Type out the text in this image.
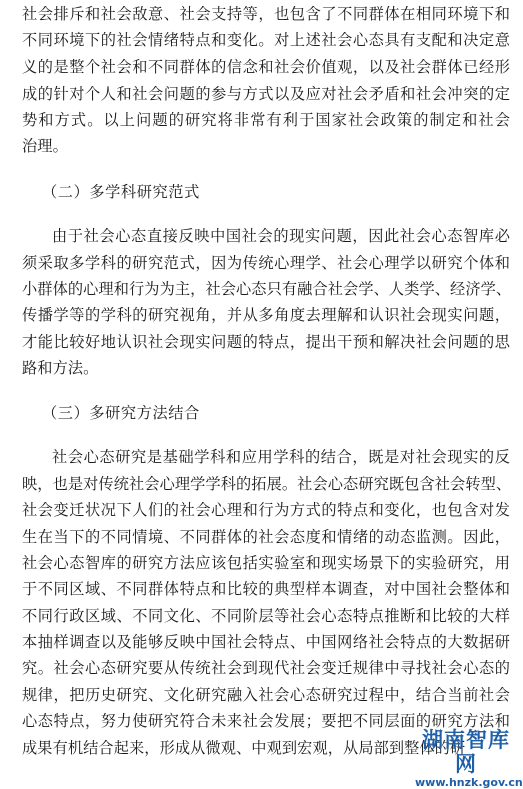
社会排斥和社会敌意、社会支持等，也包含了不同群体在相同环境下和
不同环境下的社会情绪特点和变化。对上述社会心态具有支配和决定意
义的是整个社会和不同群体的信念和社会价值观，以及社会群体已经形
成的针对个人和社会问题的参与方式以及应对社会矛盾和社会冲突的定
势和方式。以上问题的研究将非常有利于国家社会政策的制定和社会
治理。
（二）多学科研究范式
由于社会心态直接反映中国社会的现实问题，因此社会心态智库必
须采取多学科的研究范式，因为传统心理学、社会心理学以研究个体和
小群体的心理和行为为主，社会心态只有融合社会学、人类学、经济学、
传播学等的学科的研究视角，并从多角度去理解和认识社会现实问题，
才能比较好地认识社会现实问题的特点，提出干预和解决社会问题的思
路和方法。
（三）多研究方法结合
社会心态研究是基础学科和应用学科的结合，既是对社会现实的反
映，也是对传统社会心理学学科的拓展。社会心态研究既包含社会转型、
社会变迁状况下人们的社会心理和行为方式的特点和变化，也包含对发
生在当下的不同情境、不同群体的社会态度和情绪的动态监测。因此，
社会心态智库的研究方法应该包括实验室和现实场景下的实验研究，用
于不同区域、不同群体特点和比较的典型样本调查，对中国社会整体和
不同行政区域、不同文化、不同阶层等社会心态特点推断和比较的大样
本抽样调查以及能够反映中国社会特点、中国网络社会特点的大数据研
究。社会心态研究要从传统社会到现代社会变迁规律中寻找社会心态的
规律，把历史研究、文化研究融入社会心态研究过程中，结合当前社会
心态特点，努力使研究符合未来社会发展；要把不同层面的研究方法和
成果有机结合起来，形成从微观、中观到宏观，从局部到整体的研
湖南智库网
www.hnzk.gov.cn
